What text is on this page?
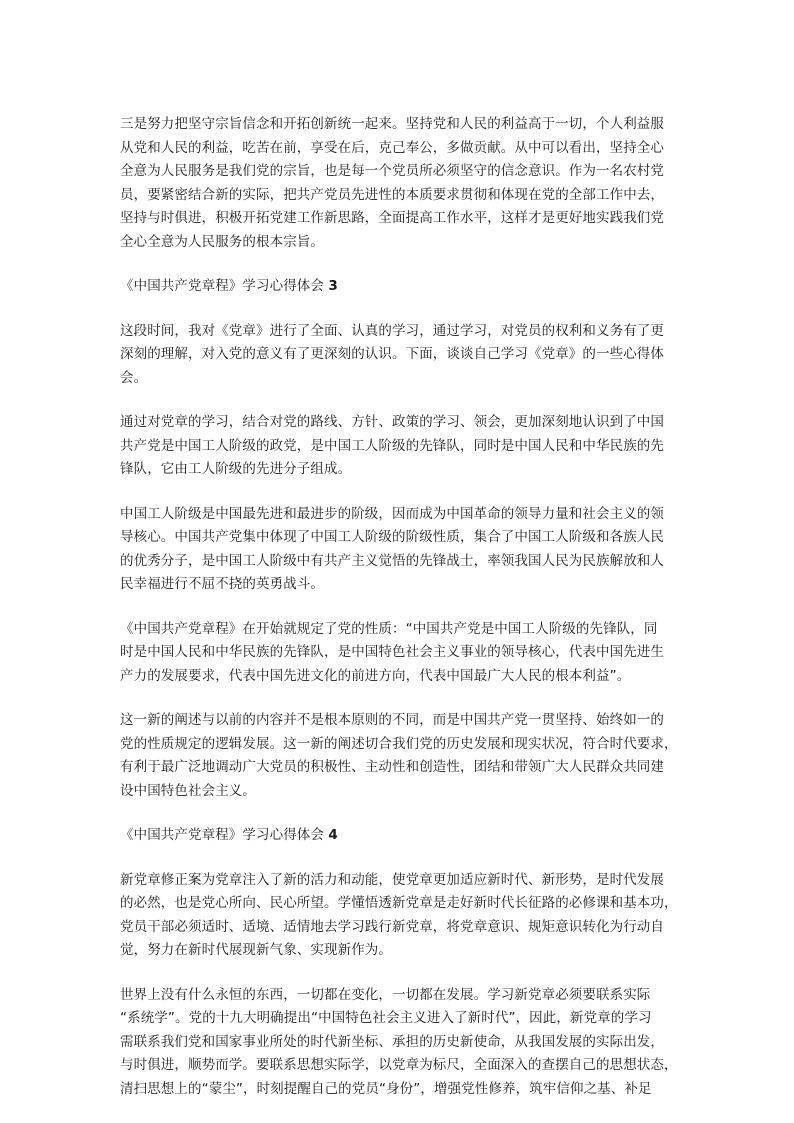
三是努力把坚守宗旨信念和开拓创新统一起来。坚持党和人民的利益高于一切，个人利益服
从党和人民的利益，吃苦在前，享受在后，克己奉公，多做贡献。从中可以看出，坚持全心
全意为人民服务是我们党的宗旨，也是每一个党员所必须坚守的信念意识。作为一名农村党
员，要紧密结合新的实际，把共产党员先进性的本质要求贯彻和体现在党的全部工作中去，
坚持与时俱进，积极开拓党建工作新思路，全面提高工作水平，这样才是更好地实践我们党
全心全意为人民服务的根本宗旨。

《中国共产党章程》学习心得体会 3

这段时间，我对《党章》进行了全面、认真的学习，通过学习，对党员的权利和义务有了更
深刻的理解，对入党的意义有了更深刻的认识。下面，谈谈自己学习《党章》的一些心得体
会。
通过对党章的学习，结合对党的路线、方针、政策的学习、领会，更加深刻地认识到了中国
共产党是中国工人阶级的政党，是中国工人阶级的先锋队，同时是中国人民和中华民族的先
锋队，它由工人阶级的先进分子组成。
中国工人阶级是中国最先进和最进步的阶级，因而成为中国革命的领导力量和社会主义的领
导核心。中国共产党集中体现了中国工人阶级的阶级性质，集合了中国工人阶级和各族人民
的优秀分子，是中国工人阶级中有共产主义觉悟的先锋战士，率领我国人民为民族解放和人
民幸福进行不屈不挠的英勇战斗。
《中国共产党章程》在开始就规定了党的性质：“中国共产党是中国工人阶级的先锋队，同
时是中国人民和中华民族的先锋队，是中国特色社会主义事业的领导核心，代表中国先进生
产力的发展要求，代表中国先进文化的前进方向，代表中国最广大人民的根本利益”。
这一新的阐述与以前的内容并不是根本原则的不同，而是中国共产党一贯坚持、始终如一的
党的性质规定的逻辑发展。这一新的阐述切合我们党的历史发展和现实状况，符合时代要求，
有利于最广泛地调动广大党员的积极性、主动性和创造性，团结和带领广大人民群众共同建
设中国特色社会主义。

《中国共产党章程》学习心得体会 4

新党章修正案为党章注入了新的活力和动能，使党章更加适应新时代、新形势，是时代发展
的必然，也是党心所向、民心所望。学懂悟透新党章是走好新时代长征路的必修课和基本功，
党员干部必须适时、适境、适情地去学习践行新党章，将党章意识、规矩意识转化为行动自
觉，努力在新时代展现新气象、实现新作为。
世界上没有什么永恒的东西，一切都在变化，一切都在发展。学习新党章必须要联系实际
“系统学”。党的十九大明确提出“中国特色社会主义进入了新时代”，因此，新党章的学习
需联系我们党和国家事业所处的时代新坐标、承担的历史新使命，从我国发展的实际出发，
与时俱进，顺势而学。要联系思想实际学，以党章为标尺，全面深入的查摆自己的思想状态，
清扫思想上的“蒙尘”，时刻提醒自己的党员“身份”，增强党性修养，筑牢信仰之基、补足
